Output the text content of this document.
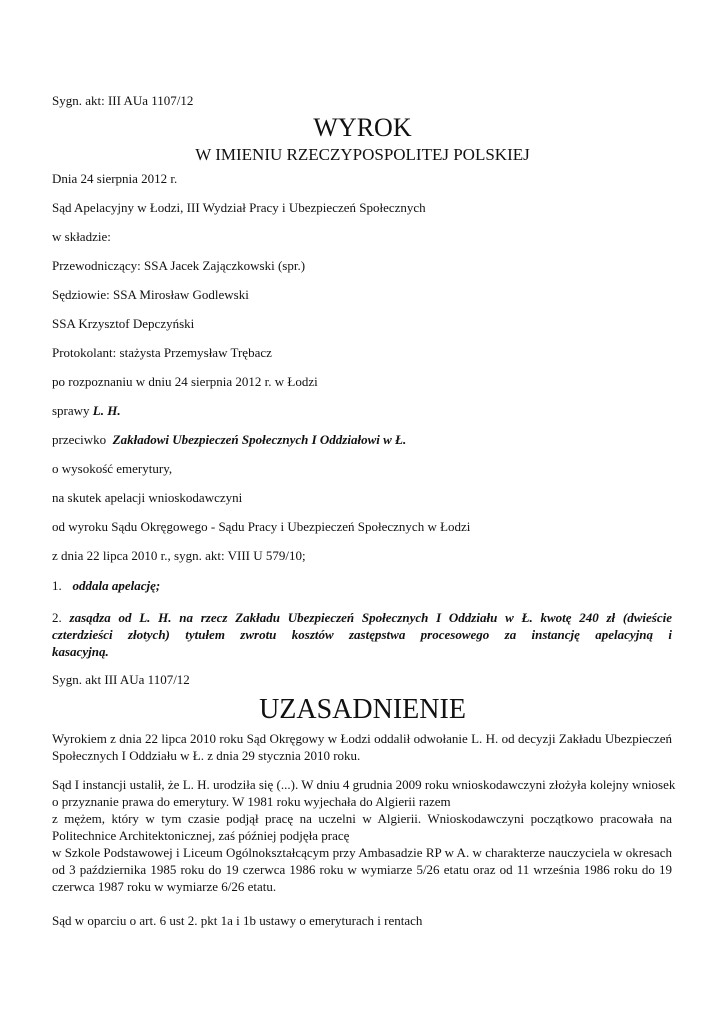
Sygn. akt: III AUa 1107/12
WYROK
W IMIENIU RZECZYPOSPOLITEJ POLSKIEJ
Dnia 24 sierpnia 2012 r.
Sąd Apelacyjny w Łodzi, III Wydział Pracy i Ubezpieczeń Społecznych
w składzie:
Przewodniczący: SSA Jacek Zajączkowski (spr.)
Sędziowie: SSA Mirosław Godlewski
SSA Krzysztof Depczyński
Protokolant: stażysta Przemysław Trębacz
po rozpoznaniu w dniu 24 sierpnia 2012 r. w Łodzi
sprawy L. H.
przeciwko Zakładowi Ubezpieczeń Społecznych I Oddziałowi w Ł.
o wysokość emerytury,
na skutek apelacji wnioskodawczyni
od wyroku Sądu Okręgowego - Sądu Pracy i Ubezpieczeń Społecznych w Łodzi
z dnia 22 lipca 2010 r., sygn. akt: VIII U 579/10;
1. oddala apelację;
2. zasądza od L. H. na rzecz Zakładu Ubezpieczeń Społecznych I Oddziału w Ł. kwotę 240 zł (dwieście
czterdzieści złotych) tytułem zwrotu kosztów zastępstwa procesowego za instancję apelacyjną i
kasacyjną.
Sygn. akt III AUa 1107/12
UZASADNIENIE
Wyrokiem z dnia 22 lipca 2010 roku Sąd Okręgowy w Łodzi oddalił odwołanie L. H. od decyzji Zakładu Ubezpieczeń
Społecznych I Oddziału w Ł. z dnia 29 stycznia 2010 roku.
Sąd I instancji ustalił, że L. H. urodziła się (...). W dniu 4 grudnia 2009 roku wnioskodawczyni złożyła kolejny wniosek
o przyznanie prawa do emerytury. W 1981 roku wyjechała do Algierii razem
z mężem, który w tym czasie podjął pracę na uczelni w Algierii. Wnioskodawczyni początkowo pracowała na
Politechnice Architektonicznej, zaś później podjęła pracę
w Szkole Podstawowej i Liceum Ogólnokształcącym przy Ambasadzie RP w A. w charakterze nauczyciela w okresach
od 3 października 1985 roku do 19 czerwca 1986 roku w wymiarze 5/26 etatu oraz od 11 września 1986 roku do 19
czerwca 1987 roku w wymiarze 6/26 etatu.
Sąd w oparciu o art. 6 ust 2. pkt 1a i 1b ustawy o emeryturach i rentach
